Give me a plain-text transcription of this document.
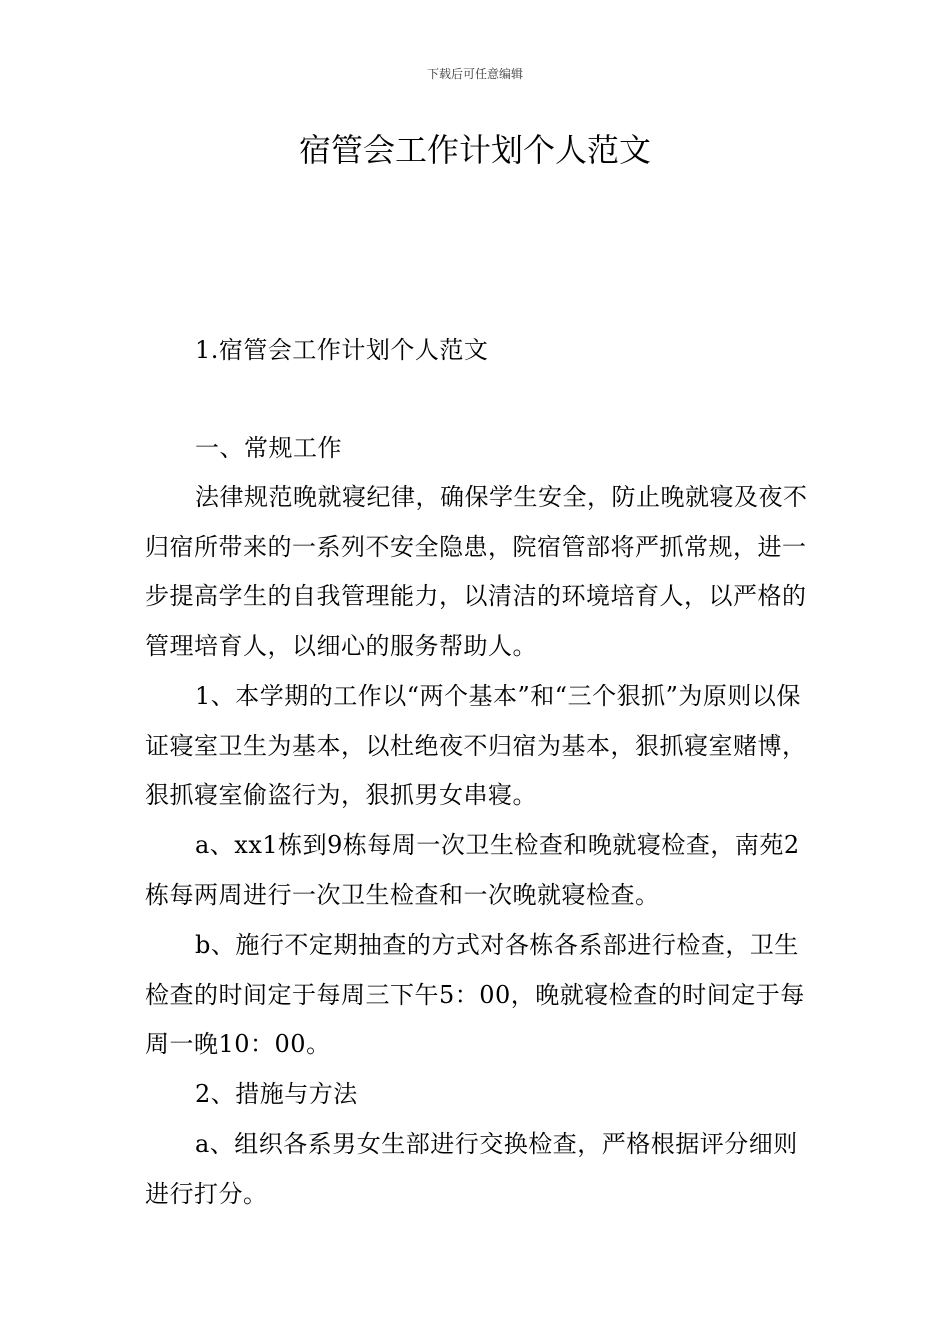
下载后可任意编辑
宿管会工作计划个人范文

1.宿管会工作计划个人范文

一、常规工作

法律规范晚就寝纪律，确保学生安全，防止晚就寝及夜不归宿所带来的一系列不安全隐患，院宿管部将严抓常规，进一步提高学生的自我管理能力，以清洁的环境培育人，以严格的管理培育人，以细心的服务帮助人。

1、本学期的工作以“两个基本”和“三个狠抓”为原则以保证寝室卫生为基本，以杜绝夜不归宿为基本，狠抓寝室赌博，狠抓寝室偷盗行为，狠抓男女串寝。

a、xx1栋到9栋每周一次卫生检查和晚就寝检查，南苑2栋每两周进行一次卫生检查和一次晚就寝检查。

b、施行不定期抽查的方式对各栋各系部进行检查，卫生检查的时间定于每周三下午5：00，晚就寝检查的时间定于每周一晚10：00。

2、措施与方法

a、组织各系男女生部进行交换检查，严格根据评分细则进行打分。
